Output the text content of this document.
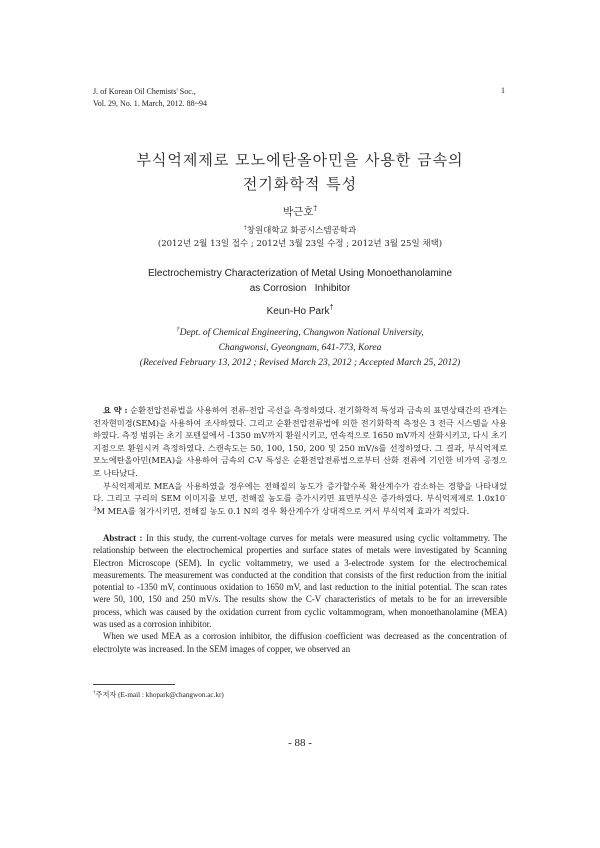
J. of Korean Oil Chemists' Soc.,
Vol. 29, No. 1. March, 2012. 88~94
1
부식억제제로 모노에탄올아민을 사용한 금속의
전기화학적 특성
박근호†
†창원대학교 화공시스템공학과
(2012년 2월 13일 접수 ; 2012년 3월 23일 수정 ; 2012년 3월 25일 채택)
Electrochemistry Characterization of Metal Using Monoethanolamine
as Corrosion   Inhibitor
Keun-Ho Park†
†Dept. of Chemical Engineering, Changwon National University,
Changwonsi, Gyeongnam, 641-773, Korea
(Received February 13, 2012 ; Revised March 23, 2012 ; Accepted March 25, 2012)

요 약 : 순환전압전류법을 사용하여 전류-전압 곡선을 측정하였다. 전기화학적 특성과 금속의 표면상태간의 관계는 전자현미경(SEM)을 사용하여 조사하였다. 그리고 순환전압전류법에 의한 전기화학적 측정은 3 전극 시스템을 사용하였다. 측정 범위는 초기 포텐셜에서 -1350 mV까지 환원시키고, 연속적으로 1650 mV까지 산화시키고, 다시 초기지점으로 환원시켜 측정하였다. 스캔속도는 50, 100, 150, 200 및 250 mV/s를 선정하였다. 그 결과, 부식억제로 모노에탄올아민(MEA)을 사용하여 금속의 C-V 특성은 순환전압전류법으로부터 산화 전류에 기인한 비가역 공정으로 나타났다.

부식억제제로 MEA을 사용하였을 경우에는 전해질의 농도가 증가할수록 확산계수가 감소하는 경향을 나타내었다. 그리고 구리의 SEM 이미지를 보면, 전해질 농도를 증가시키면 표면부식은 증가하였다. 부식억제제로 $1.0x10^{-3}M$ MEA를 첨가시키면, 전해질 농도 0.1 N의 경우 확산계수가 상대적으로 커서 부식억제 효과가 적었다.

Abstract : In this study, the current-voltage curves for metals were measured using cyclic voltammetry. The relationship between the electrochemical properties and surface states of metals were investigated by Scanning Electron Microscope (SEM). In cyclic voltammetry, we used a 3-electrode system for the electrochemical measurements. The measurement was conducted at the condition that consists of the first reduction from the initial potential to -1350 mV, continuous oxidation to 1650 mV, and last reduction to the initial potential. The scan rates were 50, 100, 150 and 250 mV/s. The results show the C-V characteristics of metals to be for an irreversible process, which was caused by the oxidation current from cyclic voltammogram, when monoethanolamine (MEA) was used as a corrosion inhibitor.

When we used MEA as a corrosion inhibitor, the diffusion coefficient was decreased as the concentration of electrolyte was increased. In the SEM images of copper, we observed an

†주저자 (E-mail : khopark@changwon.ac.kr)
- 88 -
